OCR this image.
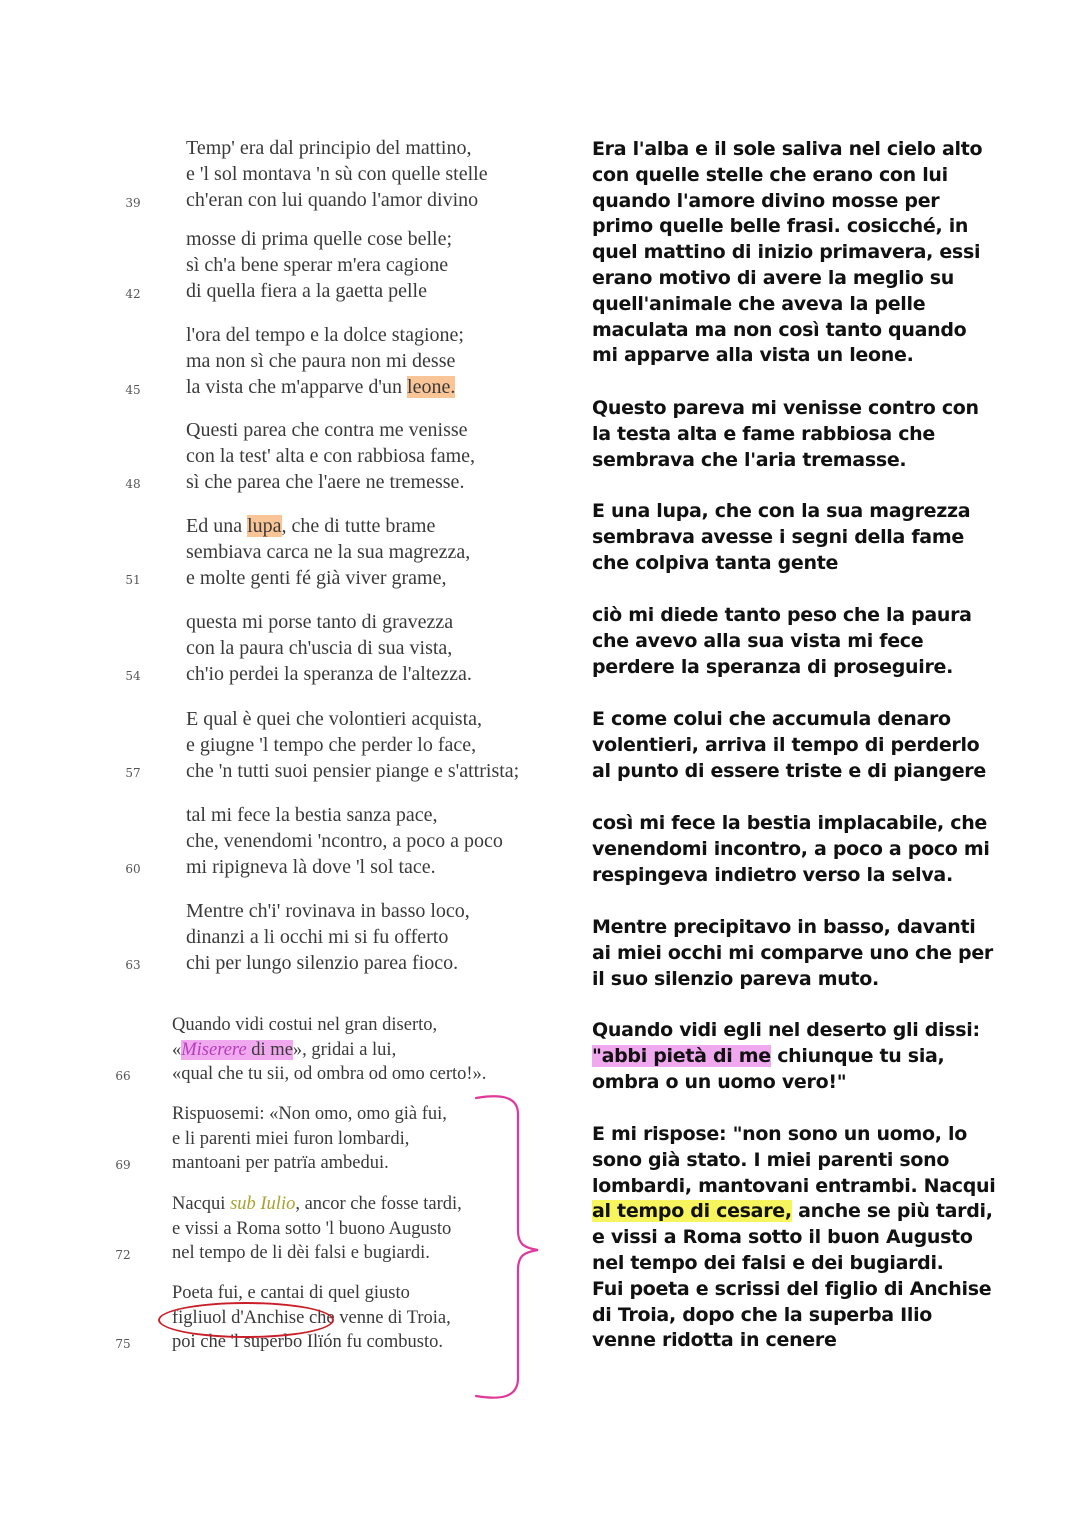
39
42
45
48
51
54
57
60
63
66
69
72
75
Temp' era dal principio del mattino,
e 'l sol montava 'n sù con quelle stelle
ch'eran con lui quando l'amor divino
mosse di prima quelle cose belle;
sì ch'a bene sperar m'era cagione
di quella fiera a la gaetta pelle
l'ora del tempo e la dolce stagione;
ma non sì che paura non mi desse
la vista che m'apparve d'un leone.
Questi parea che contra me venisse
con la test' alta e con rabbiosa fame,
sì che parea che l'aere ne tremesse.
Ed una lupa, che di tutte brame
sembiava carca ne la sua magrezza,
e molte genti fé già viver grame,
questa mi porse tanto di gravezza
con la paura ch'uscia di sua vista,
ch'io perdei la speranza de l'altezza.
E qual è quei che volontieri acquista,
e giugne 'l tempo che perder lo face,
che 'n tutti suoi pensier piange e s'attrista;
tal mi fece la bestia sanza pace,
che, venendomi 'ncontro, a poco a poco
mi ripigneva là dove 'l sol tace.
Mentre ch'i' rovinava in basso loco,
dinanzi a li occhi mi si fu offerto
chi per lungo silenzio parea fioco.
Quando vidi costui nel gran diserto,
«Miserere di me», gridai a lui,
«qual che tu sii, od ombra od omo certo!».
Rispuosemi: «Non omo, omo già fui,
e li parenti miei furon lombardi,
mantoani per patrïa ambedui.
Nacqui sub Iulio, ancor che fosse tardi,
e vissi a Roma sotto 'l buono Augusto
nel tempo de li dèi falsi e bugiardi.
Poeta fui, e cantai di quel giusto
figliuol d'Anchise che venne di Troia,
poi che 'l superbo Ilïón fu combusto.
Era l'alba e il sole saliva nel cielo alto
con quelle stelle che erano con lui
quando l'amore divino mosse per
primo quelle belle frasi. cosicché, in
quel mattino di inizio primavera, essi
erano motivo di avere la meglio su
quell'animale che aveva la pelle
maculata ma non così tanto quando
mi apparve alla vista un leone.
Questo pareva mi venisse contro con
la testa alta e fame rabbiosa che
sembrava che l'aria tremasse.
E una lupa, che con la sua magrezza
sembrava avesse i segni della fame
che colpiva tanta gente
ciò mi diede tanto peso che la paura
che avevo alla sua vista mi fece
perdere la speranza di proseguire.
E come colui che accumula denaro
volentieri, arriva il tempo di perderlo
al punto di essere triste e di piangere
così mi fece la bestia implacabile, che
venendomi incontro, a poco a poco mi
respingeva indietro verso la selva.
Mentre precipitavo in basso, davanti
ai miei occhi mi comparve uno che per
il suo silenzio pareva muto.
Quando vidi egli nel deserto gli dissi:
"abbi pietà di me chiunque tu sia,
ombra o un uomo vero!"
E mi rispose: "non sono un uomo, lo
sono già stato. I miei parenti sono
lombardi, mantovani entrambi. Nacqui
al tempo di cesare, anche se più tardi,
e vissi a Roma sotto il buon Augusto
nel tempo dei falsi e dei bugiardi.
Fui poeta e scrissi del figlio di Anchise
di Troia, dopo che la superba Ilio
venne ridotta in cenere
